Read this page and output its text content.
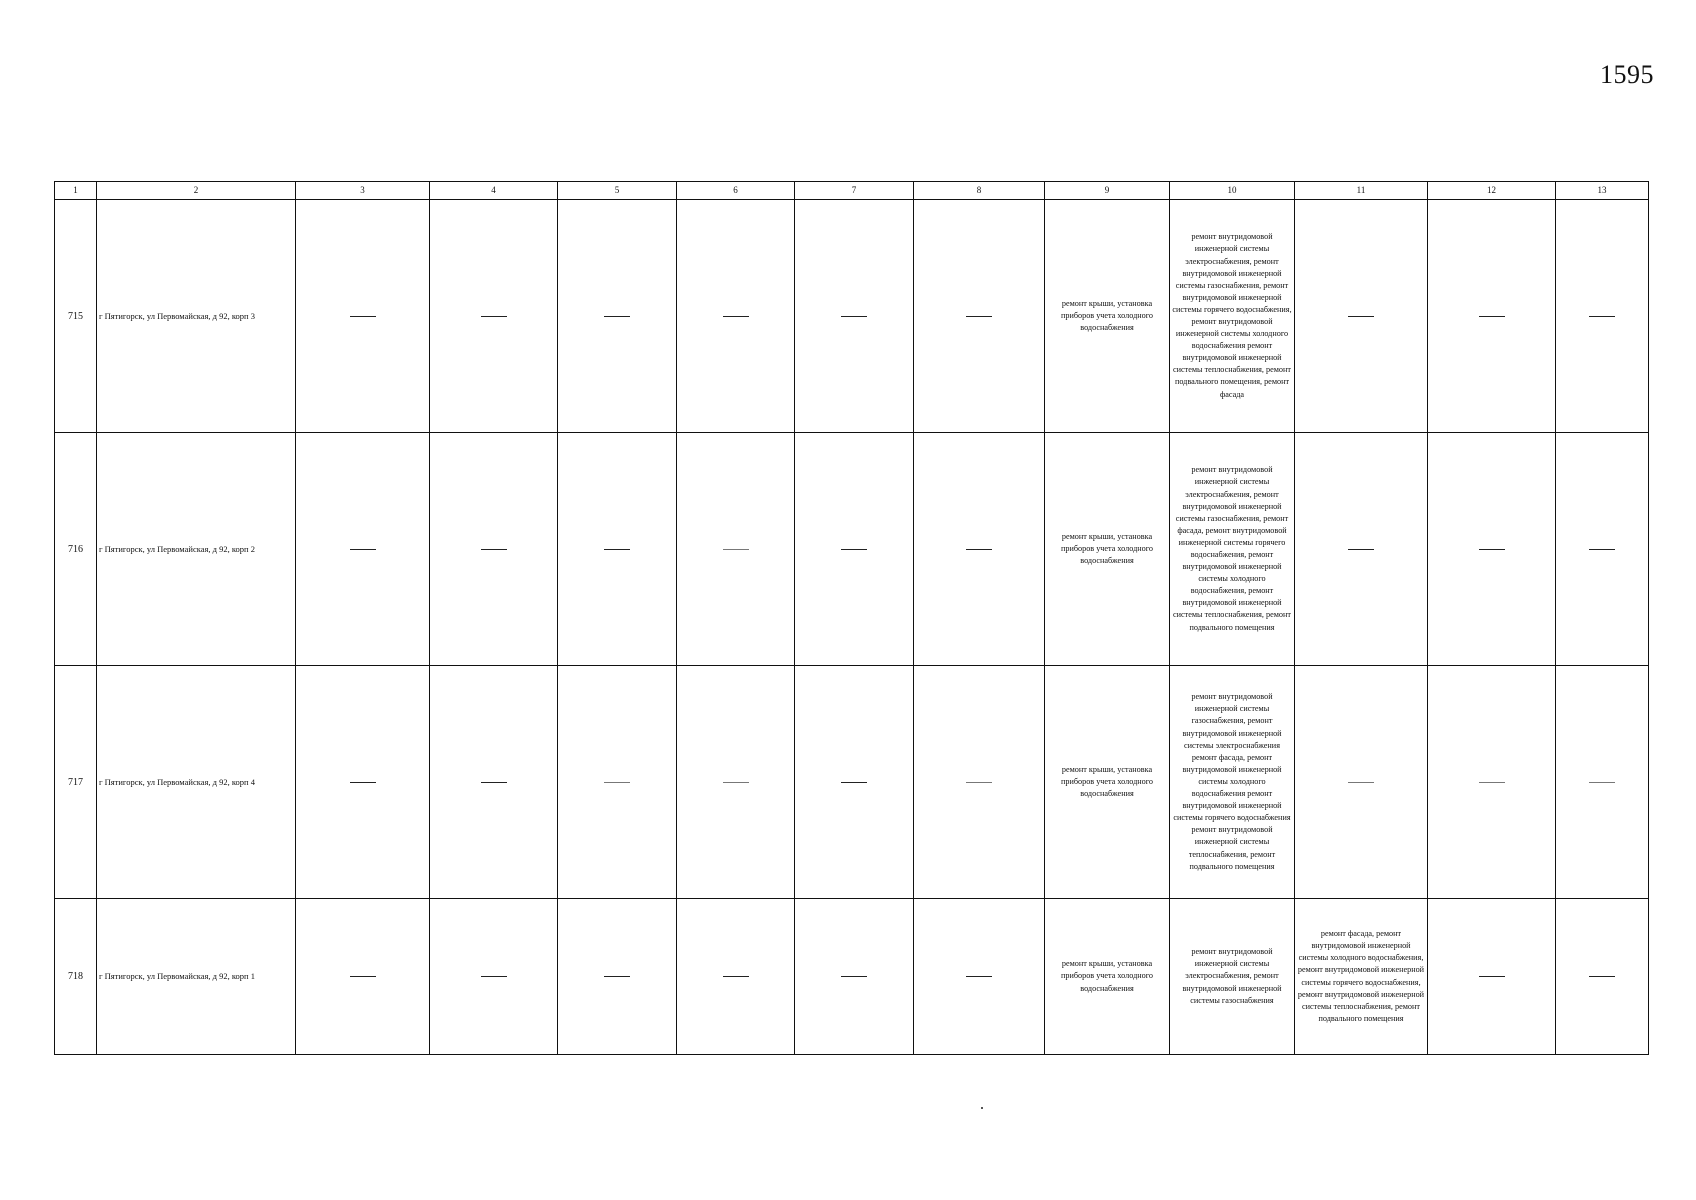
1595
1	2	3	4	5	6	7	8	9	10	11	12	13
715	г Пятигорск, ул Первомайская, д 92, корп 3							ремонт крыши, установка приборов учета холодного водоснабжения	ремонт внутридомовой инженерной системы электроснабжения, ремонт внутридомовой инженерной системы газоснабжения, ремонт внутридомовой инженерной системы горячего водоснабжения, ремонт внутридомовой инженерной системы холодного водоснабжения ремонт внутридомовой инженерной системы теплоснабжения, ремонт подвального помещения, ремонт фасада			
716	г Пятигорск, ул Первомайская, д 92, корп 2							ремонт крыши, установка приборов учета холодного водоснабжения	ремонт внутридомовой инженерной системы электроснабжения, ремонт внутридомовой инженерной системы газоснабжения, ремонт фасада, ремонт внутридомовой инженерной системы горячего водоснабжения, ремонт внутридомовой инженерной системы холодного водоснабжения, ремонт внутридомовой инженерной системы теплоснабжения, ремонт подвального помещения			
717	г Пятигорск, ул Первомайская, д 92, корп 4							ремонт крыши, установка приборов учета холодного водоснабжения	ремонт внутридомовой инженерной системы газоснабжения, ремонт внутридомовой инженерной системы электроснабжения ремонт фасада, ремонт внутридомовой инженерной системы холодного водоснабжения ремонт внутридомовой инженерной системы горячего водоснабжения ремонт внутридомовой инженерной системы теплоснабжения, ремонт подвального помещения			
718	г Пятигорск, ул Первомайская, д 92, корп 1							ремонт крыши, установка приборов учета холодного водоснабжения	ремонт внутридомовой инженерной системы электроснабжения, ремонт внутридомовой инженерной системы газоснабжения	ремонт фасада, ремонт внутридомовой инженерной системы холодного водоснабжения, ремонт внутридомовой инженерной системы горячего водоснабжения, ремонт внутридомовой инженерной системы теплоснабжения, ремонт подвального помещения		
